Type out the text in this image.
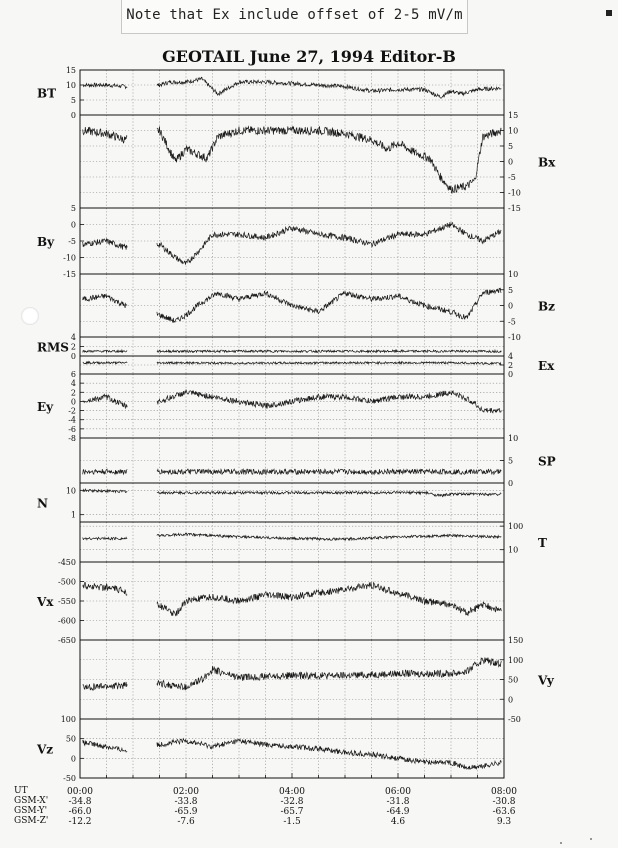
Note that Ex include offset of 2-5 mV/m
GEOTAIL June 27, 1994 Editor-B
15
10
5
0
BT
15
10
5
0
-5
-10
-15
Bx
5
0
-5
-10
-15
By
10
5
0
-5
-10
Bz
4
2
0
RMS
4
2
0
Ex
6
4
2
0
-2
-4
-6
-8
Ey
10
5
0
SP
10
1
N
100
10
T
-450
-500
-550
-600
-650
Vx
150
100
50
0
-50
Vy
100
50
0
-50
Vz
00:00
-34.8
-66.0
-12.2
02:00
-33.8
-65.9
-7.6
04:00
-32.8
-65.7
-1.5
06:00
-31.8
-64.9
4.6
08:00
-30.8
-63.6
9.3
UT
GSM-X'
GSM-Y'
GSM-Z'
